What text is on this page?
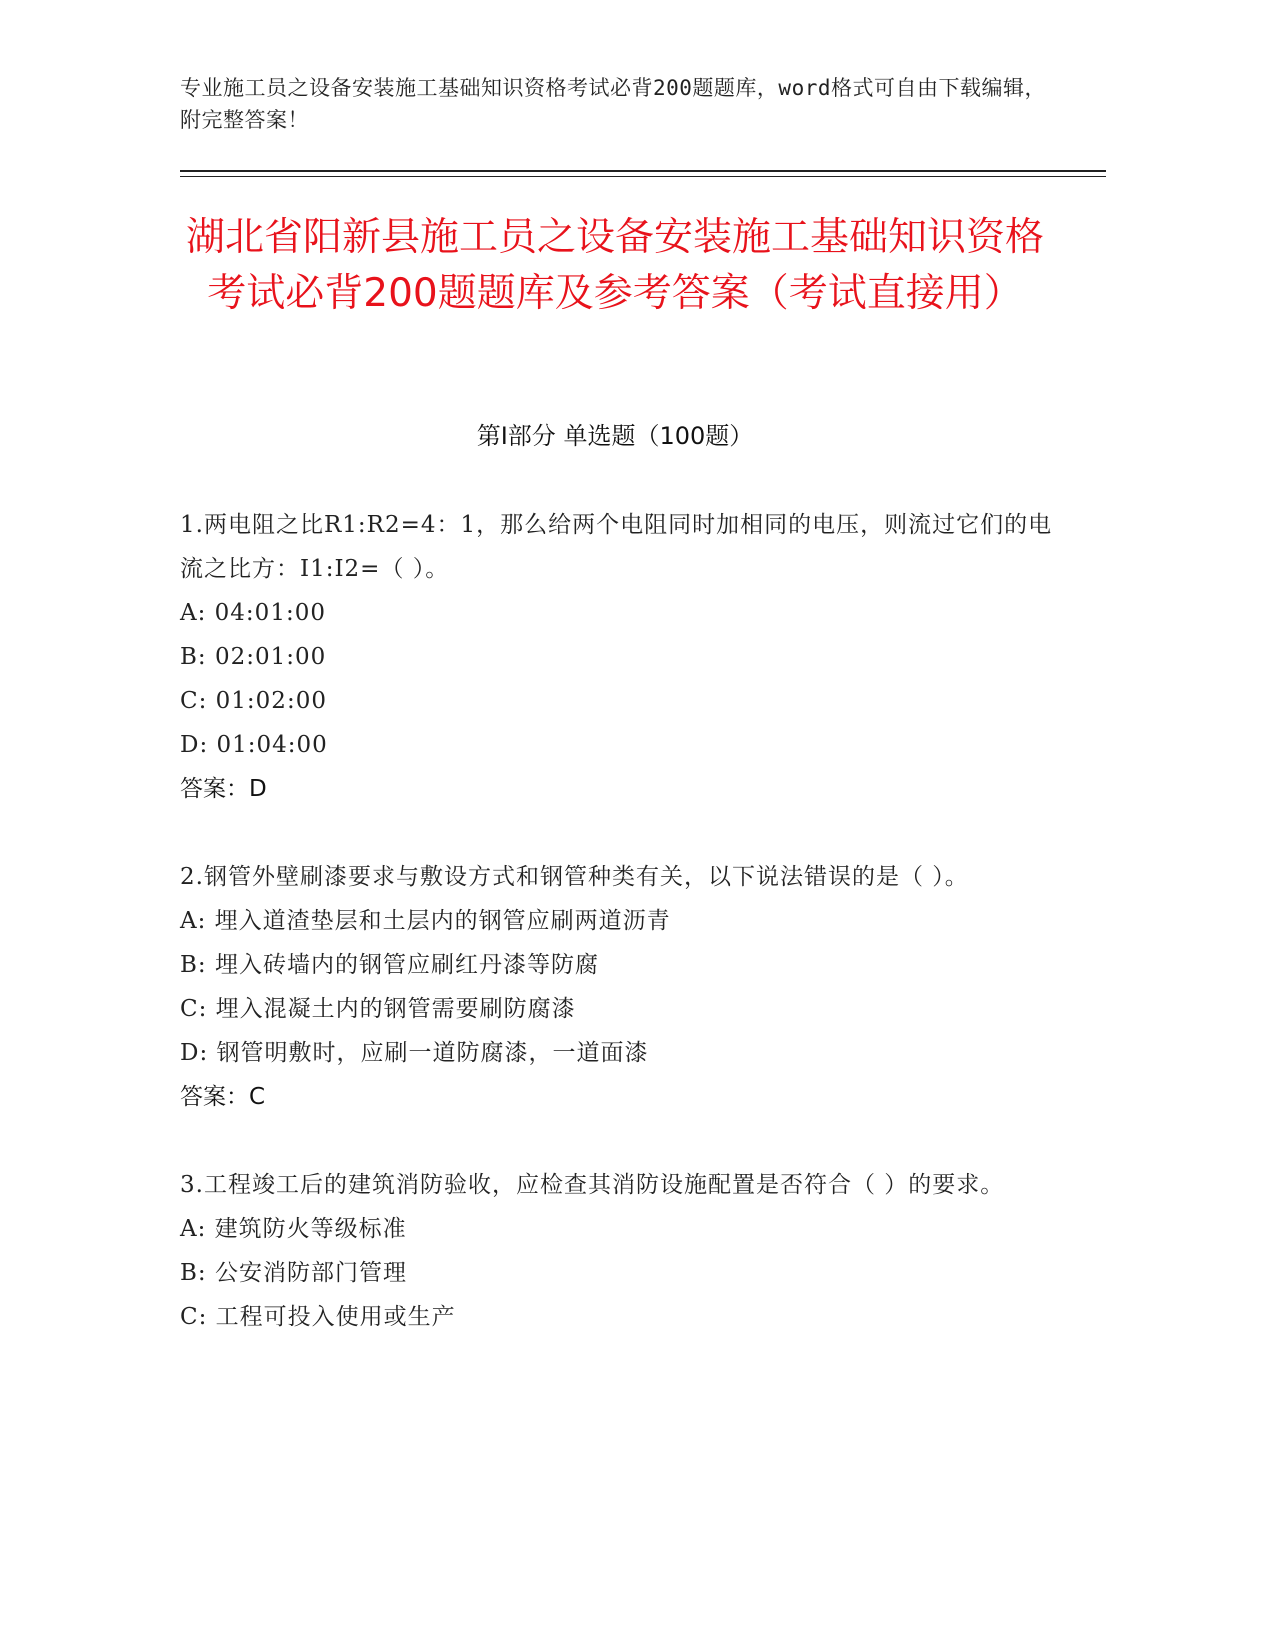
专业施工员之设备安装施工基础知识资格考试必背200题题库，word格式可自由下载编辑，附完整答案！
湖北省阳新县施工员之设备安装施工基础知识资格考试必背200题题库及参考答案（考试直接用）
第I部分 单选题（100题）
1.两电阻之比R1:R2=4：1，那么给两个电阻同时加相同的电压，则流过它们的电流之比方：I1:I2=（ ）。
A: 04:01:00
B: 02:01:00
C: 01:02:00
D: 01:04:00
答案：D
2.钢管外壁刷漆要求与敷设方式和钢管种类有关，以下说法错误的是（ ）。
A: 埋入道渣垫层和土层内的钢管应刷两道沥青
B: 埋入砖墙内的钢管应刷红丹漆等防腐
C: 埋入混凝土内的钢管需要刷防腐漆
D: 钢管明敷时，应刷一道防腐漆，一道面漆
答案：C
3.工程竣工后的建筑消防验收，应检查其消防设施配置是否符合（ ）的要求。
A: 建筑防火等级标准
B: 公安消防部门管理
C: 工程可投入使用或生产
